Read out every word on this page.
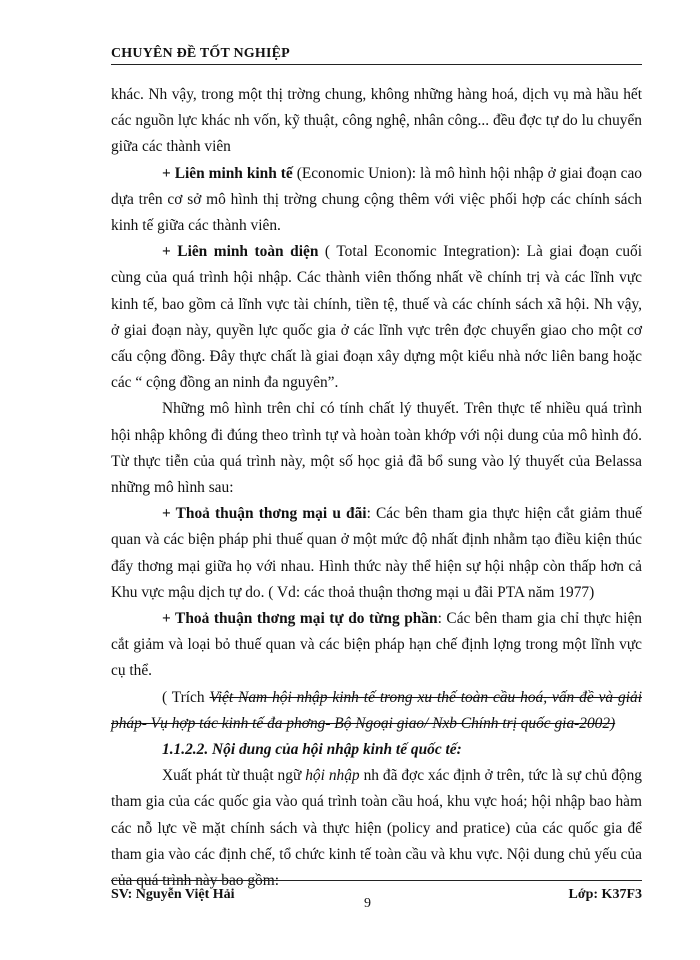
CHUYÊN ĐỀ TỐT NGHIỆP

khác. Nh vậy, trong một thị trờng chung, không những hàng hoá, dịch vụ mà hầu hết các nguồn lực khác nh vốn, kỹ thuật, công nghệ, nhân công... đều đợc tự do lu chuyển giữa các thành viên

+ Liên minh kinh tế (Economic Union): là mô hình hội nhập ở giai đoạn cao dựa trên cơ sở mô hình thị trờng chung cộng thêm với việc phối hợp các chính sách kinh tế giữa các thành viên.

+ Liên minh toàn diện ( Total Economic Integration): Là giai đoạn cuối cùng của quá trình hội nhập. Các thành viên thống nhất về chính trị và các lĩnh vực kinh tế, bao gồm cả lĩnh vực tài chính, tiền tệ, thuế và các chính sách xã hội. Nh vậy, ở giai đoạn này, quyền lực quốc gia ở các lĩnh vực trên đợc chuyển giao cho một cơ cấu cộng đồng. Đây thực chất là giai đoạn xây dựng một kiểu nhà nớc liên bang hoặc các “ cộng đồng an ninh đa nguyên”.

Những mô hình trên chỉ có tính chất lý thuyết. Trên thực tế nhiều quá trình hội nhập không đi đúng theo trình tự và hoàn toàn khớp với nội dung của mô hình đó. Từ thực tiễn của quá trình này, một số học giả đã bổ sung vào lý thuyết của Belassa những mô hình sau:

+ Thoả thuận thơng mại u đãi: Các bên tham gia thực hiện cắt giảm thuế quan và các biện pháp phi thuế quan ở một mức độ nhất định nhằm tạo điều kiện thúc đẩy thơng mại giữa họ với nhau. Hình thức này thể hiện sự hội nhập còn thấp hơn cả Khu vực mậu dịch tự do. ( Vd: các thoả thuận thơng mại u đãi PTA năm 1977)

+ Thoả thuận thơng mại tự do từng phần: Các bên tham gia chỉ thực hiện cắt giảm và loại bỏ thuế quan và các biện pháp hạn chế định lợng trong một lĩnh vực cụ thể.

( Trích Việt Nam hội nhập kinh tế trong xu thế toàn cầu hoá, vấn đề và giải pháp- Vụ hợp tác kinh tế đa phơng- Bộ Ngoại giao/ Nxb Chính trị quốc gia-2002)

1.1.2.2. Nội dung của hội nhập kinh tế quốc tế:

Xuất phát từ thuật ngữ hội nhập nh đã đợc xác định ở trên, tức là sự chủ động tham gia của các quốc gia vào quá trình toàn cầu hoá, khu vực hoá; hội nhập bao hàm các nỗ lực về mặt chính sách và thực hiện (policy and pratice) của các quốc gia để tham gia vào các định chế, tổ chức kinh tế toàn cầu và khu vực. Nội dung chủ yếu của của quá trình này bao gồm:

SV: Nguyễn Việt Hải
9
Lớp: K37F3
